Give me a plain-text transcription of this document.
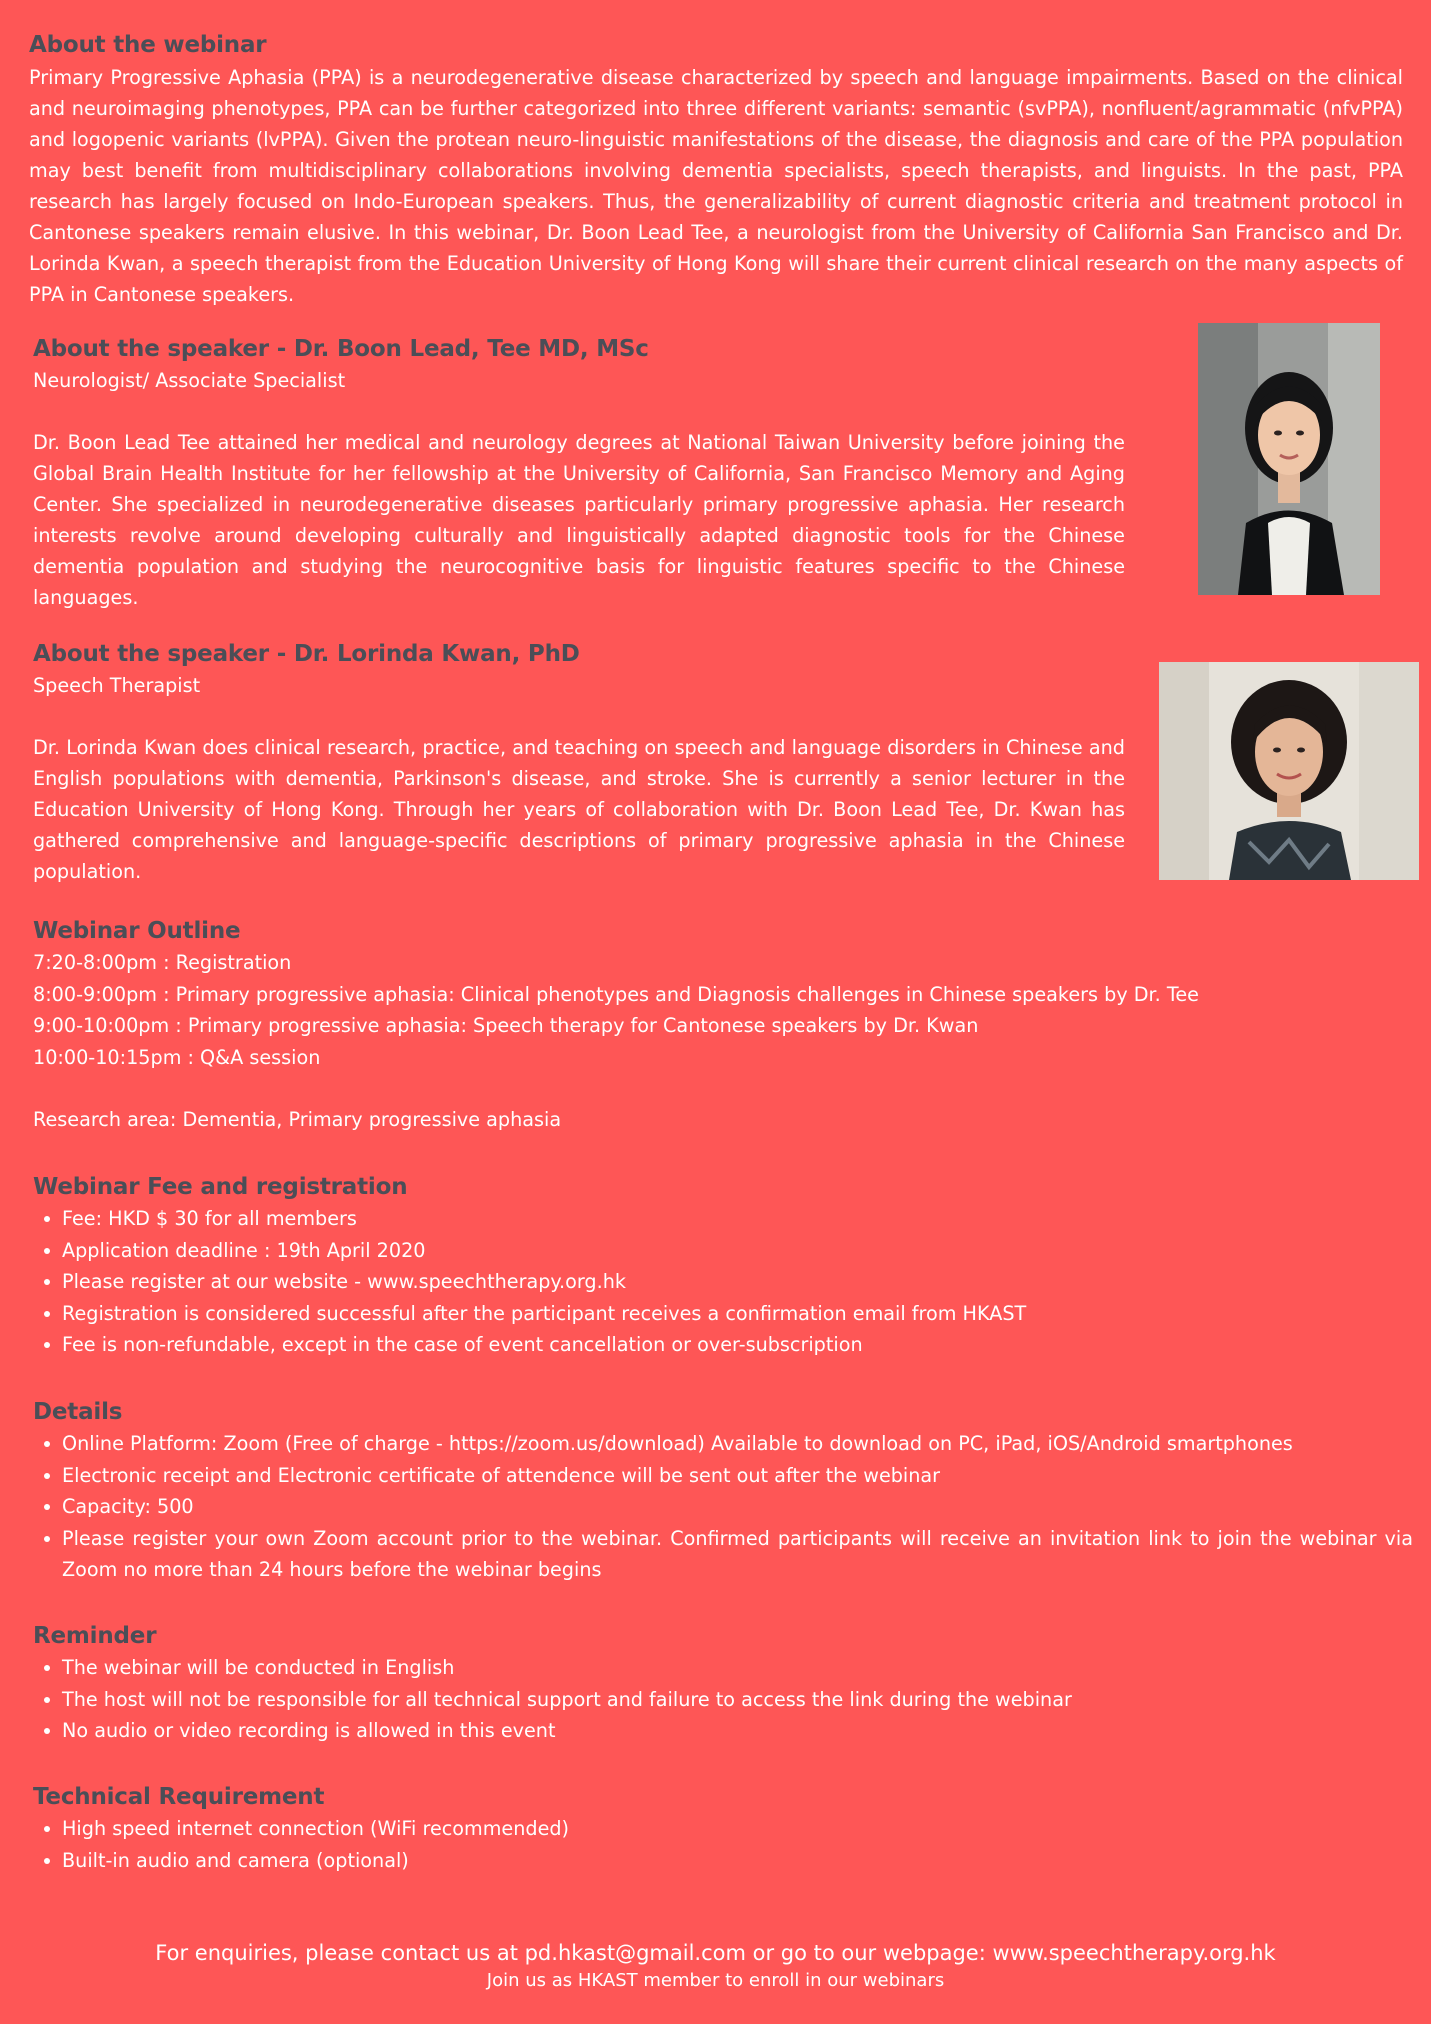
About the webinar

Primary Progressive Aphasia (PPA) is a neurodegenerative disease characterized by speech and language impairments. Based on the clinical and neuroimaging phenotypes, PPA can be further categorized into three different variants: semantic (svPPA), nonfluent/agrammatic (nfvPPA) and logopenic variants (lvPPA). Given the protean neuro-linguistic manifestations of the disease, the diagnosis and care of the PPA population may best benefit from multidisciplinary collaborations involving dementia specialists, speech therapists, and linguists. In the past, PPA research has largely focused on Indo-European speakers. Thus, the generalizability of current diagnostic criteria and treatment protocol in Cantonese speakers remain elusive. In this webinar, Dr. Boon Lead Tee, a neurologist from the University of California San Francisco and Dr. Lorinda Kwan, a speech therapist from the Education University of Hong Kong will share their current clinical research on the many aspects of PPA in Cantonese speakers.

About the speaker - Dr. Boon Lead, Tee MD, MSc

Neurologist/ Associate Specialist

Dr. Boon Lead Tee attained her medical and neurology degrees at National Taiwan University before joining the Global Brain Health Institute for her fellowship at the University of California, San Francisco Memory and Aging Center. She specialized in neurodegenerative diseases particularly primary progressive aphasia. Her research interests revolve around developing culturally and linguistically adapted diagnostic tools for the Chinese dementia population and studying the neurocognitive basis for linguistic features specific to the Chinese languages.

About the speaker - Dr. Lorinda Kwan, PhD

Speech Therapist

Dr. Lorinda Kwan does clinical research, practice, and teaching on speech and language disorders in Chinese and English populations with dementia, Parkinson's disease, and stroke. She is currently a senior lecturer in the Education University of Hong Kong. Through her years of collaboration with Dr. Boon Lead Tee, Dr. Kwan has gathered comprehensive and language-specific descriptions of primary progressive aphasia in the Chinese population.

Webinar Outline

7:20-8:00pm : Registration

8:00-9:00pm : Primary progressive aphasia: Clinical phenotypes and Diagnosis challenges in Chinese speakers by Dr. Tee

9:00-10:00pm : Primary progressive aphasia: Speech therapy for Cantonese speakers by Dr. Kwan

10:00-10:15pm : Q&A session

Research area: Dementia, Primary progressive aphasia

Webinar Fee and registration
Fee: HKD $ 30 for all members
Application deadline : 19th April 2020
Please register at our website - www.speechtherapy.org.hk
Registration is considered successful after the participant receives a confirmation email from HKAST
Fee is non-refundable, except in the case of event cancellation or over-subscription
Details
Online Platform: Zoom (Free of charge - https://zoom.us/download) Available to download on PC, iPad, iOS/Android smartphones
Electronic receipt and Electronic certificate of attendence will be sent out after the webinar
Capacity: 500
Please register your own Zoom account prior to the webinar. Confirmed participants will receive an invitation link to join the webinar via Zoom no more than 24 hours before the webinar begins
Reminder
The webinar will be conducted in English
The host will not be responsible for all technical support and failure to access the link during the webinar
No audio or video recording is allowed in this event
Technical Requirement
High speed internet connection (WiFi recommended)
Built-in audio and camera (optional)

For enquiries, please contact us at pd.hkast@gmail.com or go to our webpage: www.speechtherapy.org.hk

Join us as HKAST member to enroll in our webinars
